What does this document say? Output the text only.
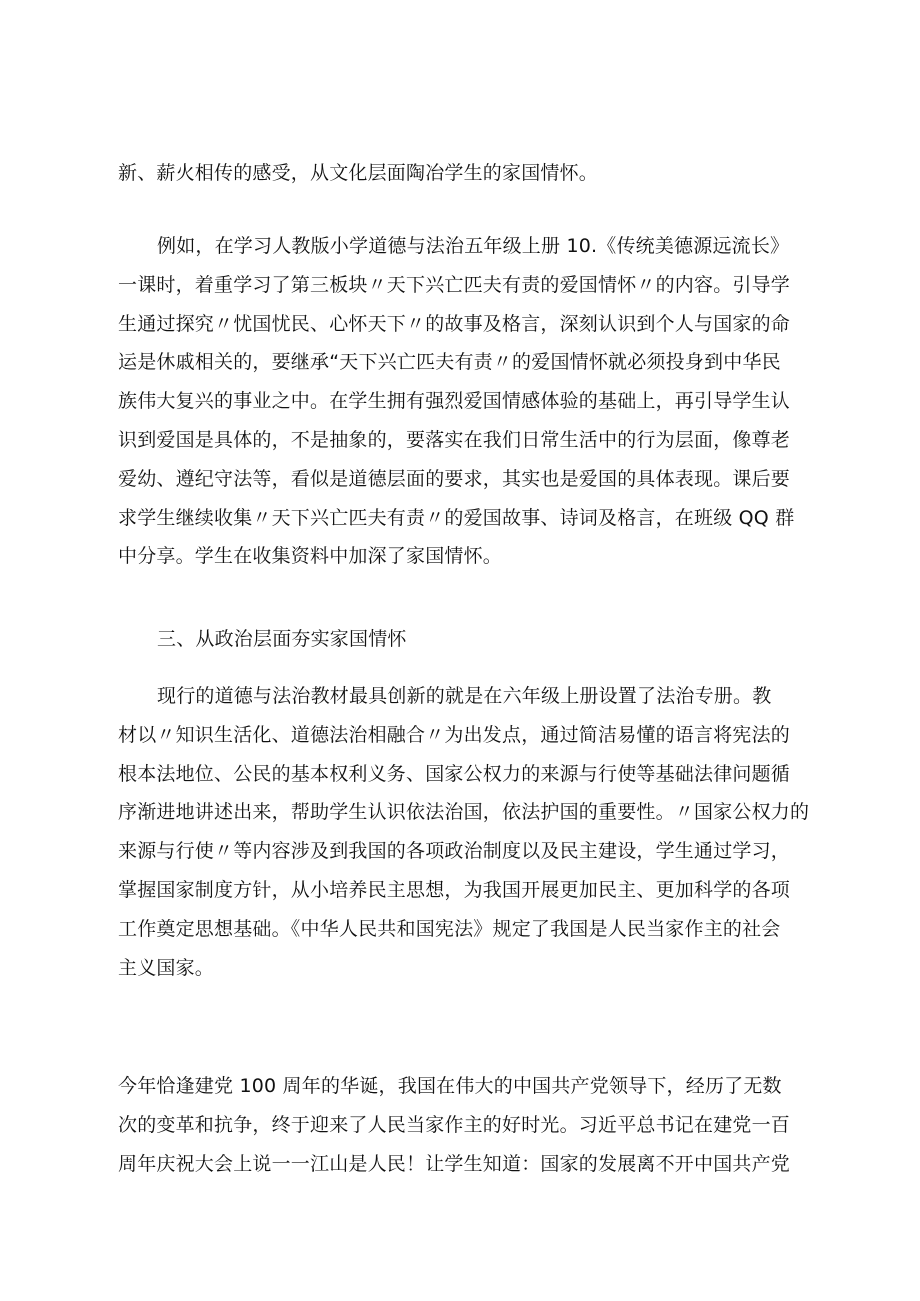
新、薪火相传的感受，从文化层面陶冶学生的家国情怀。
例如，在学习人教版小学道德与法治五年级上册 10.《传统美德源远流长》
一课时，着重学习了第三板块〃天下兴亡匹夫有责的爱国情怀〃的内容。引导学
生通过探究〃忧国忧民、心怀天下〃的故事及格言，深刻认识到个人与国家的命
运是休戚相关的，要继承“天下兴亡匹夫有责〃的爱国情怀就必须投身到中华民
族伟大复兴的事业之中。在学生拥有强烈爱国情感体验的基础上，再引导学生认
识到爱国是具体的，不是抽象的，要落实在我们日常生活中的行为层面，像尊老
爱幼、遵纪守法等，看似是道德层面的要求，其实也是爱国的具体表现。课后要
求学生继续收集〃天下兴亡匹夫有责〃的爱国故事、诗词及格言，在班级 QQ 群
中分享。学生在收集资料中加深了家国情怀。
三、从政治层面夯实家国情怀
现行的道德与法治教材最具创新的就是在六年级上册设置了法治专册。教
材以〃知识生活化、道德法治相融合〃为出发点，通过简洁易懂的语言将宪法的
根本法地位、公民的基本权利义务、国家公权力的来源与行使等基础法律问题循
序渐进地讲述出来，帮助学生认识依法治国，依法护国的重要性。〃国家公权力的
来源与行使〃等内容涉及到我国的各项政治制度以及民主建设，学生通过学习，
掌握国家制度方针，从小培养民主思想，为我国开展更加民主、更加科学的各项
工作奠定思想基础。《中华人民共和国宪法》规定了我国是人民当家作主的社会
主义国家。
今年恰逢建党 100 周年的华诞，我国在伟大的中国共产党领导下，经历了无数
次的变革和抗争，终于迎来了人民当家作主的好时光。习近平总书记在建党一百
周年庆祝大会上说一一江山是人民！让学生知道：国家的发展离不开中国共产党
